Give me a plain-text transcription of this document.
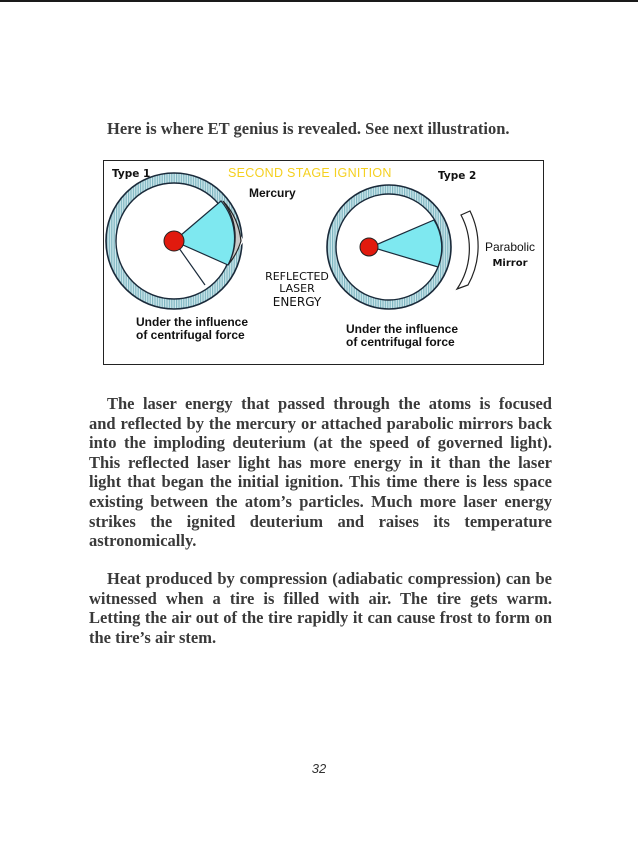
Here is where ET genius is revealed. See next illustration.

Type 1	SECOND STAGE IGNITION	Type 2
Mercury
REFLECTED
LASER
ENERGY
Parabolic
Mirror
Under the influence
of centrifugal force	Under the influence
of centrifugal force
The laser energy that passed through the atoms is focused
and reflected by the mercury or attached parabolic mirrors back
into the imploding deuterium (at the speed of governed light).
This reflected laser light has more energy in it than the laser
light that began the initial ignition. This time there is less space
existing between the atom’s particles. Much more laser energy
strikes the ignited deuterium and raises its temperature
astronomically.
Heat produced by compression (adiabatic compression) can be
witnessed when a tire is filled with air. The tire gets warm.
Letting the air out of the tire rapidly it can cause frost to form on
the tire’s air stem.
32
